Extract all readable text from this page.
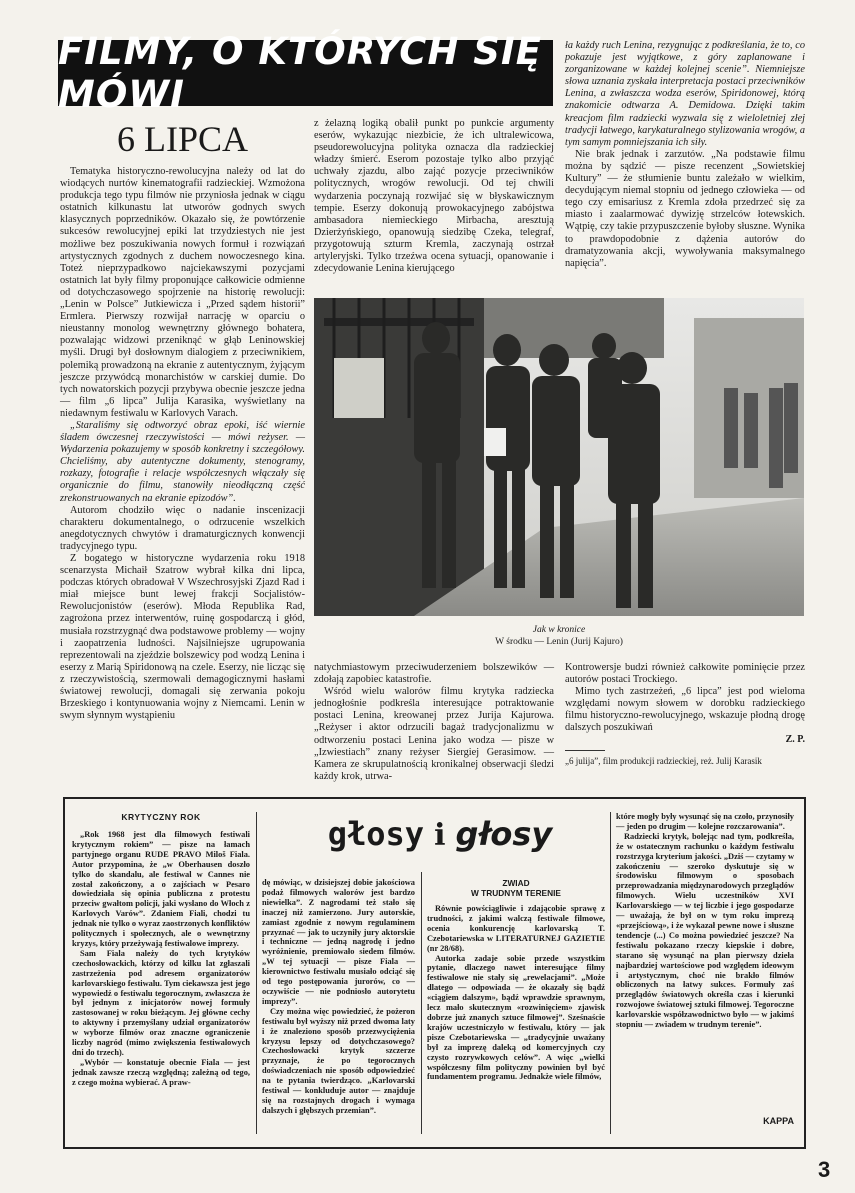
FILMY, O KTÓRYCH SIĘ MÓWI
6 LIPCA

Tematyka historyczno-rewolucyjna należy od lat do wiodących nurtów kinematografii radzieckiej. Wzmożona produkcja tego typu filmów nie przyniosła jednak w ciągu ostatnich kilkunastu lat utworów godnych swych klasycznych poprzedników. Okazało się, że powtórzenie sukcesów rewolucyjnej epiki lat trzydziestych nie jest możliwe bez poszukiwania nowych formuł i rozwiązań artystycznych zgodnych z duchem nowoczesnego kina. Toteż nieprzypadkowo najciekawszymi pozycjami ostatnich lat były filmy proponujące całkowicie odmienne od dotychczasowego spojrzenie na historię rewolucji: „Lenin w Polsce” Jutkiewicza i „Przed sądem historii” Ermlera. Pierwszy rozwijał narrację w oparciu o nieustanny monolog wewnętrzny głównego bohatera, pozwalając widzowi przeniknąć w głąb Leninowskiej myśli. Drugi był dosłownym dialogiem z przeciwnikiem, polemiką prowadzoną na ekranie z autentycznym, żyjącym jeszcze przywódcą monarchistów w carskiej dumie. Do tych nowatorskich pozycji przybywa obecnie jeszcze jedna — film „6 lipca” Julija Karasika, wyświetlany na niedawnym festiwalu w Karlovych Varach.

„Staraliśmy się odtworzyć obraz epoki, iść wiernie śladem ówczesnej rzeczywistości — mówi reżyser. — Wydarzenia pokazujemy w sposób konkretny i szczegółowy. Chcieliśmy, aby autentyczne dokumenty, stenogramy, rozkazy, fotografie i relacje współczesnych włączały się organicznie do filmu, stanowiły nieodłączną część zrekonstruowanych na ekranie epizodów”.

Autorom chodziło więc o nadanie inscenizacji charakteru dokumentalnego, o odrzucenie wszelkich anegdotycznych chwytów i dramaturgicznych konwencji tradycyjnego typu.

Z bogatego w historyczne wydarzenia roku 1918 scenarzysta Michaił Szatrow wybrał kilka dni lipca, podczas których obradował V Wszechrosyjski Zjazd Rad i miał miejsce bunt lewej frakcji Socjalistów-Rewolucjonistów (eserów). Młoda Republika Rad, zagrożona przez interwentów, ruinę gospodarczą i głód, musiała rozstrzygnąć dwa podstawowe problemy — wojny i zaopatrzenia ludności. Najsilniejsze ugrupowania reprezentowali na zjeździe bolszewicy pod wodzą Lenina i eserzy z Marią Spiridonową na czele. Eserzy, nie licząc się z rzeczywistością, szermowali demagogicznymi hasłami światowej rewolucji, domagali się zerwania pokoju Brzeskiego i kontynuowania wojny z Niemcami. Lenin w swym słynnym wystąpieniu

z żelazną logiką obalił punkt po punkcie argumenty eserów, wykazując niezbicie, że ich ultralewicowa, pseudorewolucyjna polityka oznacza dla radzieckiej władzy śmierć. Eserom pozostaje tylko albo przyjąć uchwały zjazdu, albo zająć pozycje przeciwników politycznych, wrogów rewolucji. Od tej chwili wydarzenia poczynają rozwijać się w błyskawicznym tempie. Eserzy dokonują prowokacyjnego zabójstwa ambasadora niemieckiego Mirbacha, aresztują Dzierżyńskiego, opanowują siedzibę Czeka, telegraf, przygotowują szturm Kremla, zaczynają ostrzał artyleryjski. Tylko trzeźwa ocena sytuacji, opanowanie i zdecydowanie Lenina kierującego

ła każdy ruch Lenina, rezygnując z podkreślania, że to, co pokazuje jest wyjątkowe, z góry zaplanowane i zorganizowane w każdej kolejnej scenie”. Niemniejsze słowa uznania zyskała interpretacja postaci przeciwników Lenina, a zwłaszcza wodza eserów, Spiridonowej, którą znakomicie odtwarza A. Demidowa. Dzięki takim kreacjom film radziecki wyzwala się z wieloletniej złej tradycji łatwego, karykaturalnego stylizowania wrogów, a tym samym pomniejszania ich siły.

Nie brak jednak i zarzutów. „Na podstawie filmu można by sądzić — pisze recenzent „Sowietskiej Kultury” — że stłumienie buntu zależało w wielkim, decydującym niemal stopniu od jednego człowieka — od tego czy emisariusz z Kremla zdoła przedrzeć się za miasto i zaalarmować dywizję strzelców łotewskich. Wątpię, czy takie przypuszczenie byłoby słuszne. Wynika to prawdopodobnie z dążenia autorów do dramatyzowania akcji, wywoływania maksymalnego napięcia”.

Jak w kronice
W środku — Lenin (Jurij Kajuro)

natychmiastowym przeciwuderzeniem bolszewików — zdołają zapobiec katastrofie.

Wśród wielu walorów filmu krytyka radziecka jednogłośnie podkreśla interesujące potraktowanie postaci Lenina, kreowanej przez Jurija Kajurowa. „Reżyser i aktor odrzucili bagaż tradycjonalizmu w odtworzeniu postaci Lenina jako wodza — pisze w „Izwiestiach” znany reżyser Siergiej Gerasimow. — Kamera ze skrupulatnością kronikalnej obserwacji śledzi każdy krok, utrwa-

Kontrowersje budzi również całkowite pominięcie przez autorów postaci Trockiego.

Mimo tych zastrzeżeń, „6 lipca” jest pod wieloma względami nowym słowem w dorobku radzieckiego filmu historyczno-rewolucyjnego, wskazuje płodną drogę dalszych poszukiwań

Z. P.
„6 julija”, film produkcji radzieckiej, reż. Julij Karasik
głosy i głosy
KRYTYCZNY ROK

„Rok 1968 jest dla filmowych festiwali krytycznym rokiem” — pisze na łamach partyjnego organu RUDE PRAVO Miloš Fiala. Autor przypomina, że „w Oberhausen doszło tylko do skandalu, ale festiwal w Cannes nie został zakończony, a o zajściach w Pesaro dowiedziała się opinia publiczna z protestu przeciw gwałtom policji, jaki wysłano do Włoch z Karlovych Varów”. Zdaniem Fiali, chodzi tu jednak nie tylko o wyraz zaostrzonych konfliktów politycznych i społecznych, ale o wewnętrzny kryzys, który przeżywają festiwalowe imprezy.

Sam Fiala należy do tych krytyków czechosłowackich, którzy od kilku lat zgłaszali zastrzeżenia pod adresem organizatorów karlovarskiego festiwalu. Tym ciekawsza jest jego wypowiedź o festiwalu tegorocznym, zwłaszcza że był jednym z inicjatorów nowej formuły zastosowanej w roku bieżącym. Jej główne cechy to aktywny i przemyślany udział organizatorów w wyborze filmów oraz znaczne ograniczenie liczby nagród (mimo zwiększenia festiwalowych dni do trzech).

„Wybór — konstatuje obecnie Fiala — jest jednak zawsze rzeczą względną; zależną od tego, z czego można wybierać. A praw-

dę mówiąc, w dzisiejszej dobie jakościowa podaż filmowych walorów jest bardzo niewielka”. Z nagrodami też stało się inaczej niż zamierzono. Jury autorskie, zamiast zgodnie z nowym regulaminem przyznać — jak to uczyniły jury aktorskie i techniczne — jedną nagrodę i jedno wyróżnienie, premiowało siedem filmów. „W tej sytuacji — pisze Fiala — kierownictwo festiwalu musiało odciąć się od tego postępowania jurorów, co — oczywiście — nie podniosło autorytetu imprezy”.

Czy można więc powiedzieć, że pożeron festiwalu był wyższy niż przed dwoma laty i że znaleziono sposób przezwyciężenia kryzysu lepszy od dotychczasowego? Czechosłowacki krytyk szczerze przyznaje, że po tegorocznych doświadczeniach nie sposób odpowiedzieć na te pytania twierdząco. „Karlovarski festiwal — konkluduje autor — znajduje się na rozstajnych drogach i wymaga dalszych i głębszych przemian”.

ZWIAD
W TRUDNYM TERENIE

Równie powściągliwie i zdającobie sprawę z trudności, z jakimi walczą festiwale filmowe, ocenia konkurencję karlovarską T. Czebotariewska w LITERATURNEJ GAZIETIE (nr 28/68).

Autorka zadaje sobie przede wszystkim pytanie, dlaczego nawet interesujące filmy festiwalowe nie stały się „rewelacjami”. „Może dlatego — odpowiada — że okazały się bądź «ciągiem dalszym», bądź wprawdzie sprawnym, lecz mało skutecznym «rozwinięciem» zjawisk dobrze już znanych sztuce filmowej”. Sześnaście krajów uczestniczyło w festiwalu, który — jak pisze Czebotariewska — „tradycyjnie uważany był za imprezę daleką od komercyjnych czy czysto rozrywkowych celów”. A więc „wielki współczesny film polityczny powinien był być fundamentem programu. Jednakże wiele filmów,

które mogły były wysunąć się na czoło, przynosiły — jeden po drugim — kolejne rozczarowania”.

Radziecki krytyk, bolejąc nad tym, podkreśla, że w ostatecznym rachunku o każdym festiwalu rozstrzyga kryterium jakości. „Dziś — czytamy w zakończeniu — szeroko dyskutuje się w środowisku filmowym o sposobach przeprowadzania międzynarodowych przeglądów filmowych. Wielu uczestników XVI Karlovarskiego — w tej liczbie i jego gospodarze — uważają, że był on w tym roku imprezą «przejściową», i że wykazał pewne nowe i słuszne tendencje (...) Co można powiedzieć jeszcze? Na festiwalu pokazano rzeczy kiepskie i dobre, starano się wysunąć na plan pierwszy dzieła najbardziej wartościowe pod względem ideowym i artystycznym, choć nie brakło filmów obliczonych na łatwy sukces. Formuły zaś przeglądów światowych określa czas i kierunki rozwojowe światowej sztuki filmowej. Tegoroczne karlovarskie współzawodnictwo było — w jakimś stopniu — zwiadem w trudnym terenie”.

KAPPA
3
